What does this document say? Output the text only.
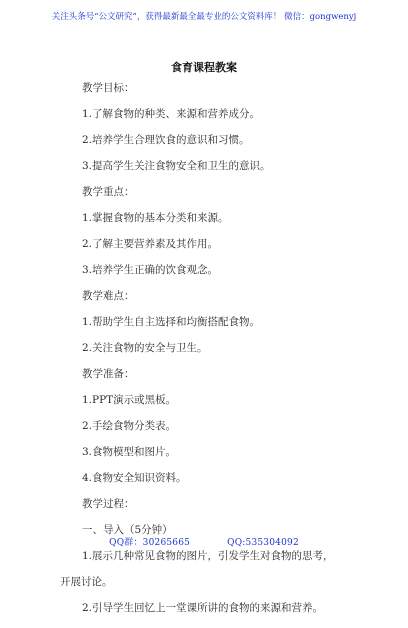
关注头条号“公文研究”，获得最新最全最专业的公文资料库！ 微信：gongwenyj
食育课程教案
教学目标：
1.了解食物的种类、来源和营养成分。
2.培养学生合理饮食的意识和习惯。
3.提高学生关注食物安全和卫生的意识。
教学重点：
1.掌握食物的基本分类和来源。
2.了解主要营养素及其作用。
3.培养学生正确的饮食观念。
教学难点：
1.帮助学生自主选择和均衡搭配食物。
2.关注食物的安全与卫生。
教学准备：
1.PPT演示或黑板。
2.手绘食物分类表。
3.食物模型和图片。
4.食物安全知识资料。
教学过程：
一、导入（5分钟）
1.展示几种常见食物的图片，引发学生对食物的思考，
开展讨论。
2.引导学生回忆上一堂课所讲的食物的来源和营养。
QQ群：30265665	QQ:535304092
